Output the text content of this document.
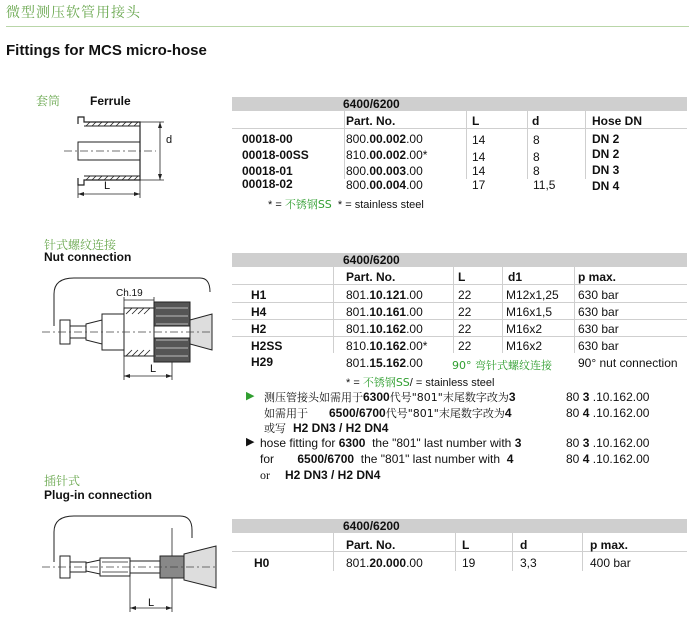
微型测压软管用接头
Fittings for MCS micro-hose
套筒 Ferrule
L
d
6400/6200
Part. No.	L	d	Hose DN
00018-00	800.00.002.00	14	8	DN 2
00018-00SS	810.00.002.00*	14	8	DN 2
00018-01	800.00.003.00	14	8	DN 3
00018-02	800.00.004.00	17	11,5	DN 4
* = 不锈钢SS * = stainless steel
针式螺纹连接
Nut connection
Ch.19
L
6400/6200
Part. No.	L	d1	p max.
H1	801.10.121.00	22	M12x1,25 630 bar
H4	801.10.161.00	22	M16x1,5 630 bar
H2	801.10.162.00	22	M16x2	630 bar
H2SS	810.10.162.00*	22	M16x2	630 bar
H29	801.15.162.00	90° 弯针式螺纹连接 90° nut connection
* = 不锈钢SS/ = stainless steel
▶ 测压管接头如需用于6300代号"801"末尾数字改为3	80 3 .10.162.00
如需用于 6500/6700代号"801"末尾数字改为4	80 4 .10.162.00
或写 H2 DN3 / H2 DN4
▶ hose fitting for 6300 the "801" last number with 3	80 3 .10.162.00
for 6500/6700 the "801" last number with 4	80 4 .10.162.00
or H2 DN3 / H2 DN4
插针式
Plug-in connection
L
6400/6200
Part. No.	L	d	p max.
H0	801.20.000.00	19	3,3	400 bar
